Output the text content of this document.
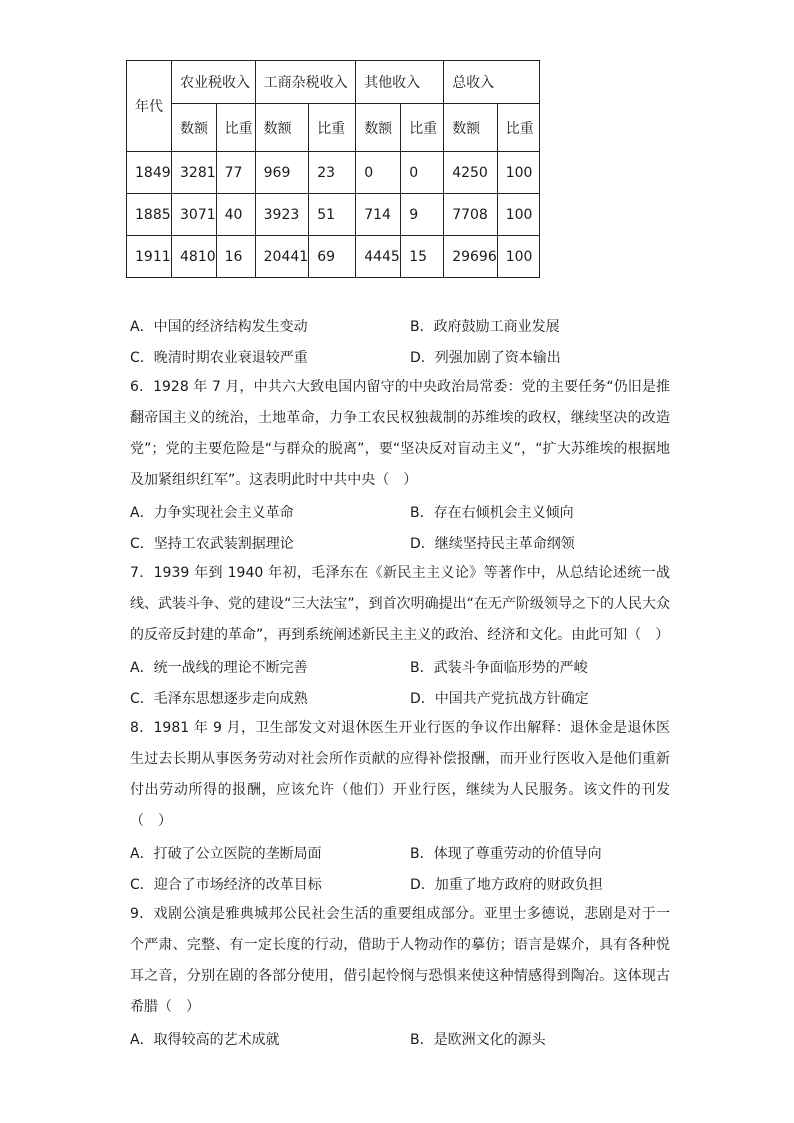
年代	农业税收入		工商杂税收入		其他收入		总收入	
	数额	比重	数额	比重	数额	比重	数额	比重
1849	3281	77	969	23	0	0	4250	100
1885	3071	40	3923	51	714	9	7708	100
1911	4810	16	20441	69	4445	15	29696	100
A．中国的经济结构发生变动	B．政府鼓励工商业发展
C．晚清时期农业衰退较严重	D．列强加剧了资本输出

6．1928 年 7 月，中共六大致电国内留守的中央政治局常委：党的主要任务“仍旧是推翻帝国主义的统治，土地革命，力争工农民权独裁制的苏维埃的政权，继续坚决的改造党”；党的主要危险是“与群众的脱离”，要“坚决反对盲动主义”，“扩大苏维埃的根据地及加紧组织红军”。这表明此时中共中央（　）

A．力争实现社会主义革命	B．存在右倾机会主义倾向
C．坚持工农武装割据理论	D．继续坚持民主革命纲领

7．1939 年到 1940 年初，毛泽东在《新民主主义论》等著作中，从总结论述统一战线、武装斗争、党的建设“三大法宝”，到首次明确提出“在无产阶级领导之下的人民大众的反帝反封建的革命”，再到系统阐述新民主主义的政治、经济和文化。由此可知（　）

A．统一战线的理论不断完善	B．武装斗争面临形势的严峻
C．毛泽东思想逐步走向成熟	D．中国共产党抗战方针确定

8．1981 年 9 月，卫生部发文对退休医生开业行医的争议作出解释：退休金是退休医生过去长期从事医务劳动对社会所作贡献的应得补偿报酬，而开业行医收入是他们重新付出劳动所得的报酬，应该允许（他们）开业行医，继续为人民服务。该文件的刊发（　）

A．打破了公立医院的垄断局面	B．体现了尊重劳动的价值导向
C．迎合了市场经济的改革目标	D．加重了地方政府的财政负担

9．戏剧公演是雅典城邦公民社会生活的重要组成部分。亚里士多德说，悲剧是对于一个严肃、完整、有一定长度的行动，借助于人物动作的摹仿；语言是媒介，具有各种悦耳之音，分别在剧的各部分使用，借引起怜悯与恐惧来使这种情感得到陶冶。这体现古希腊（　）

A．取得较高的艺术成就	B．是欧洲文化的源头
